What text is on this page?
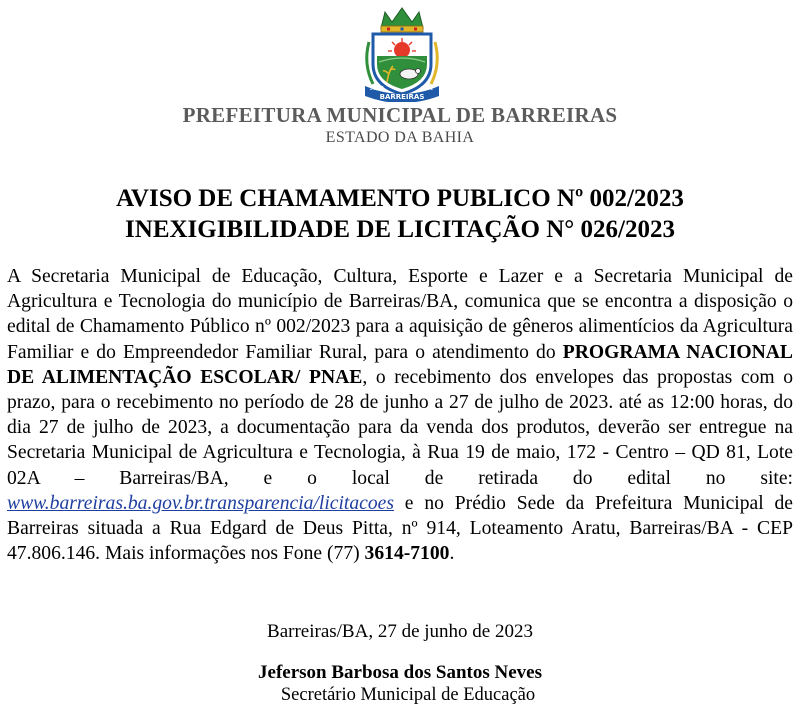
BARREIRAS
26/05	1891
PREFEITURA MUNICIPAL DE BARREIRAS
ESTADO DA BAHIA
AVISO DE CHAMAMENTO PUBLICO Nº 002/2023
INEXIGIBILIDADE DE LICITAÇÃO N° 026/2023
A Secretaria Municipal de Educação, Cultura, Esporte e Lazer e a Secretaria Municipal de Agricultura e Tecnologia do município de Barreiras/BA, comunica que se encontra a disposição o edital de Chamamento Público nº 002/2023 para a aquisição de gêneros alimentícios da Agricultura Familiar e do Empreendedor Familiar Rural, para o atendimento do PROGRAMA NACIONAL DE ALIMENTAÇÃO ESCOLAR/ PNAE, o recebimento dos envelopes das propostas com o prazo, para o recebimento no período de 28 de junho a 27 de julho de 2023. até as 12:00 horas, do dia 27 de julho de 2023, a documentação para da venda dos produtos, deverão ser entregue na Secretaria Municipal de Agricultura e Tecnologia, à Rua 19 de maio, 172 - Centro – QD 81, Lote 02A – Barreiras/BA, e o local de retirada do edital no site: www.barreiras.ba.gov.br.transparencia/licitacoes e no Prédio Sede da Prefeitura Municipal de Barreiras situada a Rua Edgard de Deus Pitta, nº 914, Loteamento Aratu, Barreiras/BA - CEP 47.806.146. Mais informações nos Fone (77) 3614-7100.
Barreiras/BA, 27 de junho de 2023
Jeferson Barbosa dos Santos Neves
Secretário Municipal de Educação
